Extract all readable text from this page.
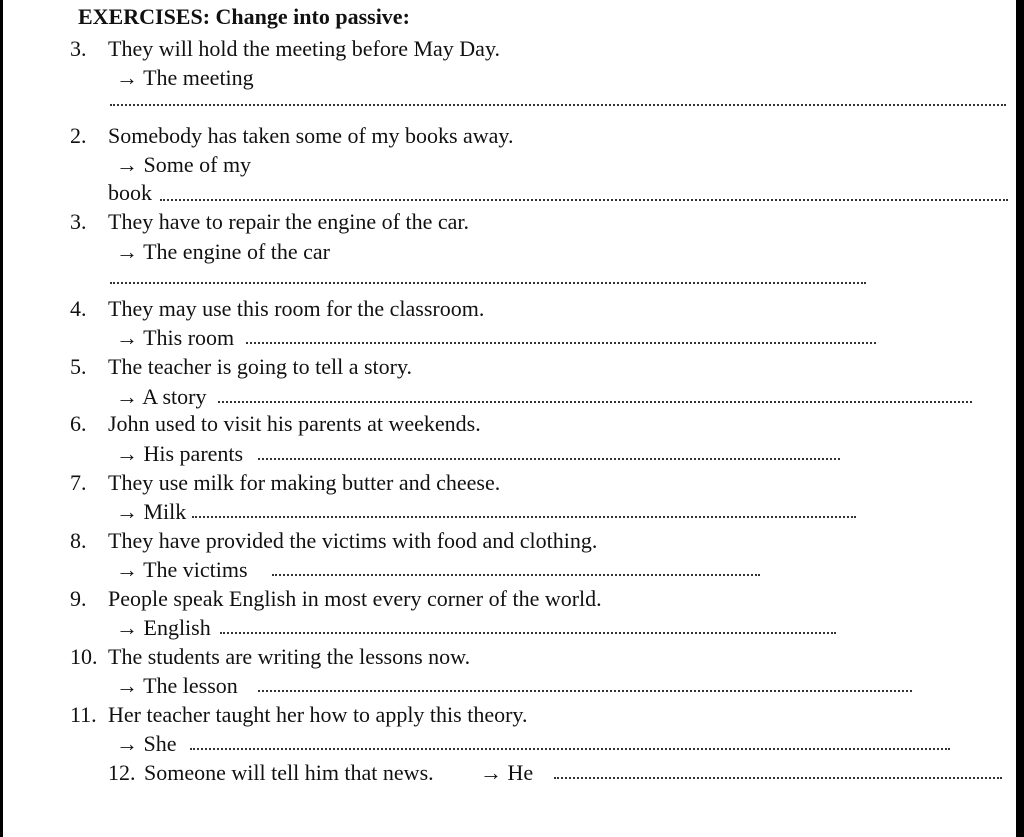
EXERCISES: Change into passive:
3. They will hold the meeting before May Day.
→ The meeting
2. Somebody has taken some of my books away.
→ Some of my
book
3. They have to repair the engine of the car.
→ The engine of the car
4. They may use this room for the classroom.
→ This room
5. The teacher is going to tell a story.
→ A story
6. John used to visit his parents at weekends.
→ His parents
7. They use milk for making butter and cheese.
→ Milk
8. They have provided the victims with food and clothing.
→ The victims
9. People speak English in most every corner of the world.
→ English
10. The students are writing the lessons now.
→ The lesson
11. Her teacher taught her how to apply this theory.
→ She
12. Someone will tell him that news. → He
